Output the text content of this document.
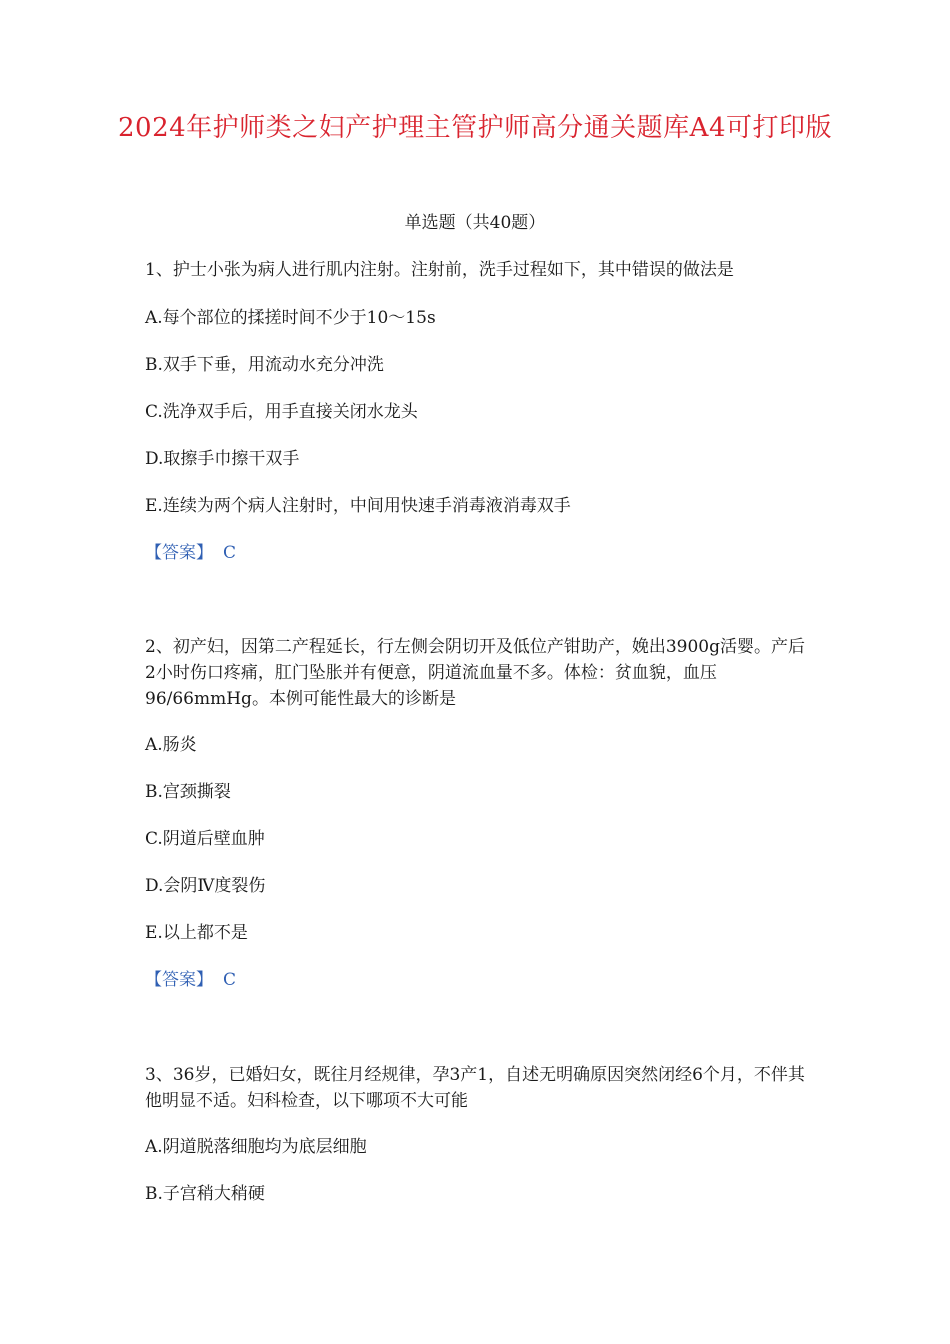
2024年护师类之妇产护理主管护师高分通关题库A4可打印版
单选题（共40题）
1、护士小张为病人进行肌内注射。注射前，洗手过程如下，其中错误的做法是
A.每个部位的揉搓时间不少于10～15s
B.双手下垂，用流动水充分冲洗
C.洗净双手后，用手直接关闭水龙头
D.取擦手巾擦干双手
E.连续为两个病人注射时，中间用快速手消毒液消毒双手
【答案】 C
2、初产妇，因第二产程延长，行左侧会阴切开及低位产钳助产，娩出3900g活婴。产后2小时伤口疼痛，肛门坠胀并有便意，阴道流血量不多。体检：贫血貌，血压96/66mmHg。本例可能性最大的诊断是
A.肠炎
B.宫颈撕裂
C.阴道后壁血肿
D.会阴Ⅳ度裂伤
E.以上都不是
【答案】 C
3、36岁，已婚妇女，既往月经规律，孕3产1，自述无明确原因突然闭经6个月，不伴其他明显不适。妇科检查，以下哪项不大可能
A.阴道脱落细胞均为底层细胞
B.子宫稍大稍硬
